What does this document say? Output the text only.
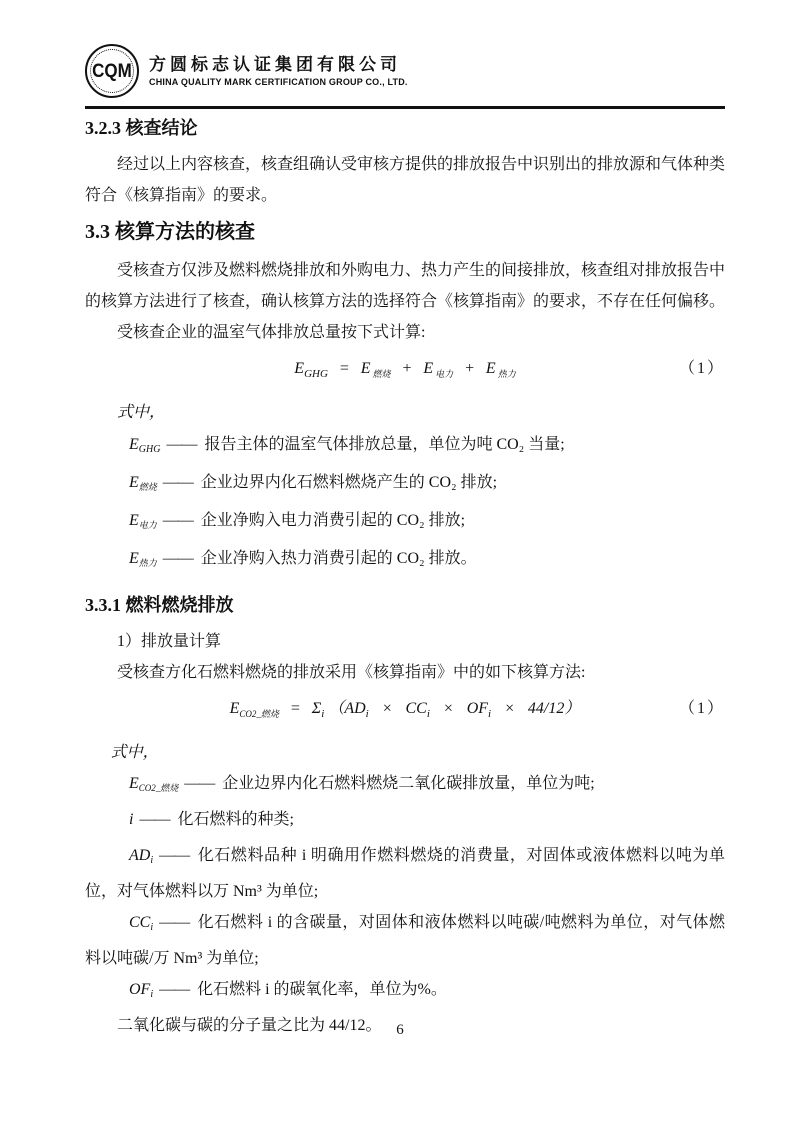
CQM 方圆标志认证集团有限公司
CHINA QUALITY MARK CERTIFICATION GROUP CO., LTD.
3.2.3 核查结论

经过以上内容核查，核查组确认受审核方提供的排放报告中识别出的排放源和气体种类符合《核算指南》的要求。

3.3 核算方法的核查

受核查方仅涉及燃料燃烧排放和外购电力、热力产生的间接排放，核查组对排放报告中的核算方法进行了核查，确认核算方法的选择符合《核算指南》的要求，不存在任何偏移。

受核查企业的温室气体排放总量按下式计算:

$E_{GHG} = E$ $_{燃烧}$ + E $_{电力}$ + E $_{热力}$	（1）

式中，

EGHG —— 报告主体的温室气体排放总量，单位为吨 CO₂ 当量;

E燃烧 —— 企业边界内化石燃料燃烧产生的 CO₂ 排放;

E电力 —— 企业净购入电力消费引起的 CO₂ 排放;

E热力 —— 企业净购入热力消费引起的 CO₂ 排放。

3.3.1 燃料燃烧排放

1）排放量计算

受核查方化石燃料燃烧的排放采用《核算指南》中的如下核算方法:

$E_{CO2\_燃烧} = \Sigma_i$ $(AD_i \times CC_i \times OF_i \times 44/12)$	（1）

式中，

ECO2_燃烧 —— 企业边界内化石燃料燃烧二氧化碳排放量，单位为吨;

i —— 化石燃料的种类;

ADi —— 化石燃料品种 i 明确用作燃料燃烧的消费量，对固体或液体燃料以吨为单位，对气体燃料以万 Nm³ 为单位;

CCi —— 化石燃料 i 的含碳量，对固体和液体燃料以吨碳/吨燃料为单位，对气体燃料以吨碳/万 Nm³ 为单位;

OFi —— 化石燃料 i 的碳氧化率，单位为%。

二氧化碳与碳的分子量之比为 44/12。 6
